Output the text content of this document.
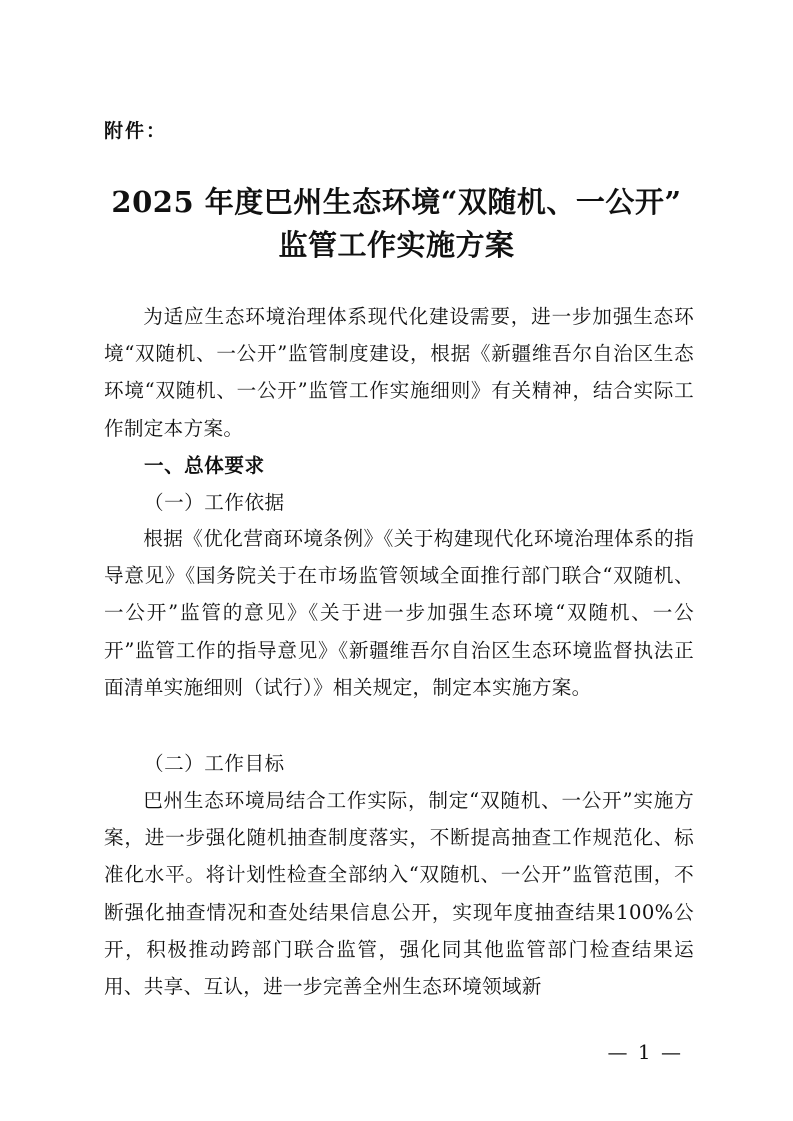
附件：
2025 年度巴州生态环境“双随机、一公开”
监管工作实施方案
为适应生态环境治理体系现代化建设需要，进一步加强生态环境“双随机、一公开”监管制度建设，根据《新疆维吾尔自治区生态环境“双随机、一公开”监管工作实施细则》有关精神，结合实际工作制定本方案。
一、总体要求
（一）工作依据
根据《优化营商环境条例》《关于构建现代化环境治理体系的指导意见》《国务院关于在市场监管领域全面推行部门联合“双随机、一公开”监管的意见》《关于进一步加强生态环境“双随机、一公开”监管工作的指导意见》《新疆维吾尔自治区生态环境监督执法正面清单实施细则（试行）》相关规定，制定本实施方案。
（二）工作目标
巴州生态环境局结合工作实际，制定“双随机、一公开”实施方案，进一步强化随机抽查制度落实，不断提高抽查工作规范化、标准化水平。将计划性检查全部纳入“双随机、一公开”监管范围，不断强化抽查情况和查处结果信息公开，实现年度抽查结果100%公开，积极推动跨部门联合监管，强化同其他监管部门检查结果运用、共享、互认，进一步完善全州生态环境领域新
— 1 —
